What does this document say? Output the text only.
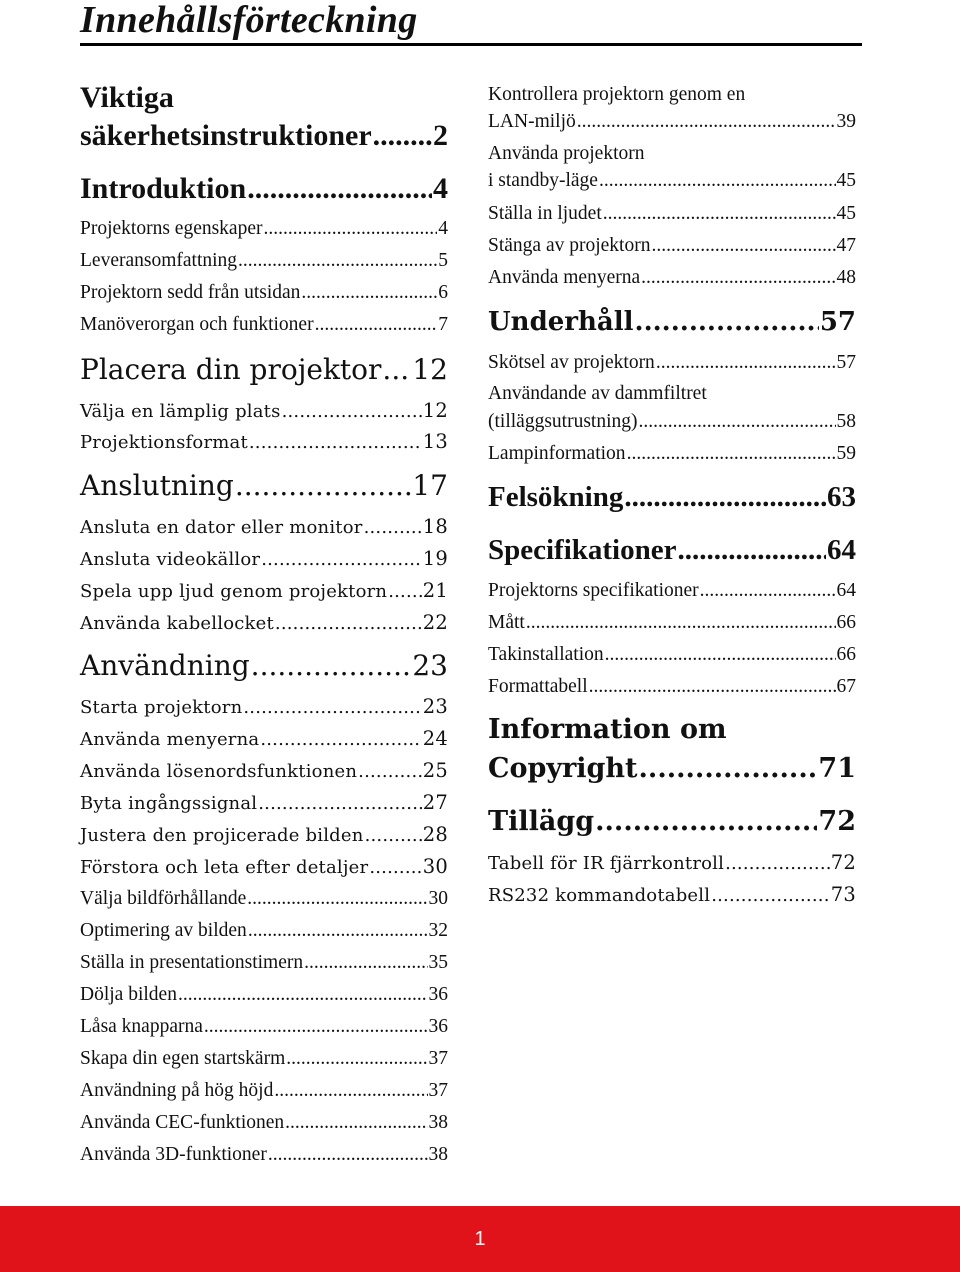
Innehållsförteckning
Viktiga
säkerhetsinstruktioner ..... 2
Introduktion .....	4
Projektorns egenskaper .....	4
Leveransomfattning .....	5
Projektorn sedd från utsidan .....	6
Manöverorgan och funktioner .....	7
Placera din projektor ..... 12
Välja en lämplig plats .....	12
Projektionsformat .....	13
Anslutning .....	17
Ansluta en dator eller monitor .....	18
Ansluta videokällor .....	19
Spela upp ljud genom projektorn ..... 21
Använda kabellocket .....	22
Användning .....	23
Starta projektorn .....	23
Använda menyerna .....	24
Använda lösenordsfunktionen .....	25
Byta ingångssignal .....	27
Justera den projicerade bilden .....	28
Förstora och leta efter detaljer .....	30
Välja bildförhållande .....	30
Optimering av bilden .....	32
Ställa in presentationstimern .....	35
Dölja bilden .....	36
Låsa knapparna .....	36
Skapa din egen startskärm .....	37
Användning på hög höjd .....	37
Använda CEC-funktionen .....	38
Använda 3D-funktioner .....	38
Kontrollera projektorn genom en
LAN-miljö .....	39
Använda projektorn
i standby-läge .....	45
Ställa in ljudet .....	45
Stänga av projektorn .....	47
Använda menyerna .....	48
Underhåll .....	57
Skötsel av projektorn .....	57
Användande av dammfiltret
(tilläggsutrustning) .....	58
Lampinformation .....	59
Felsökning .....	63
Specifikationer .....	64
Projektorns specifikationer .....	64
Mått .....	66
Takinstallation .....	66
Formattabell .....	67
Information om
Copyright .....	71
Tillägg .....	72
Tabell för IR fjärrkontroll .....	72
RS232 kommandotabell .....	73
1
